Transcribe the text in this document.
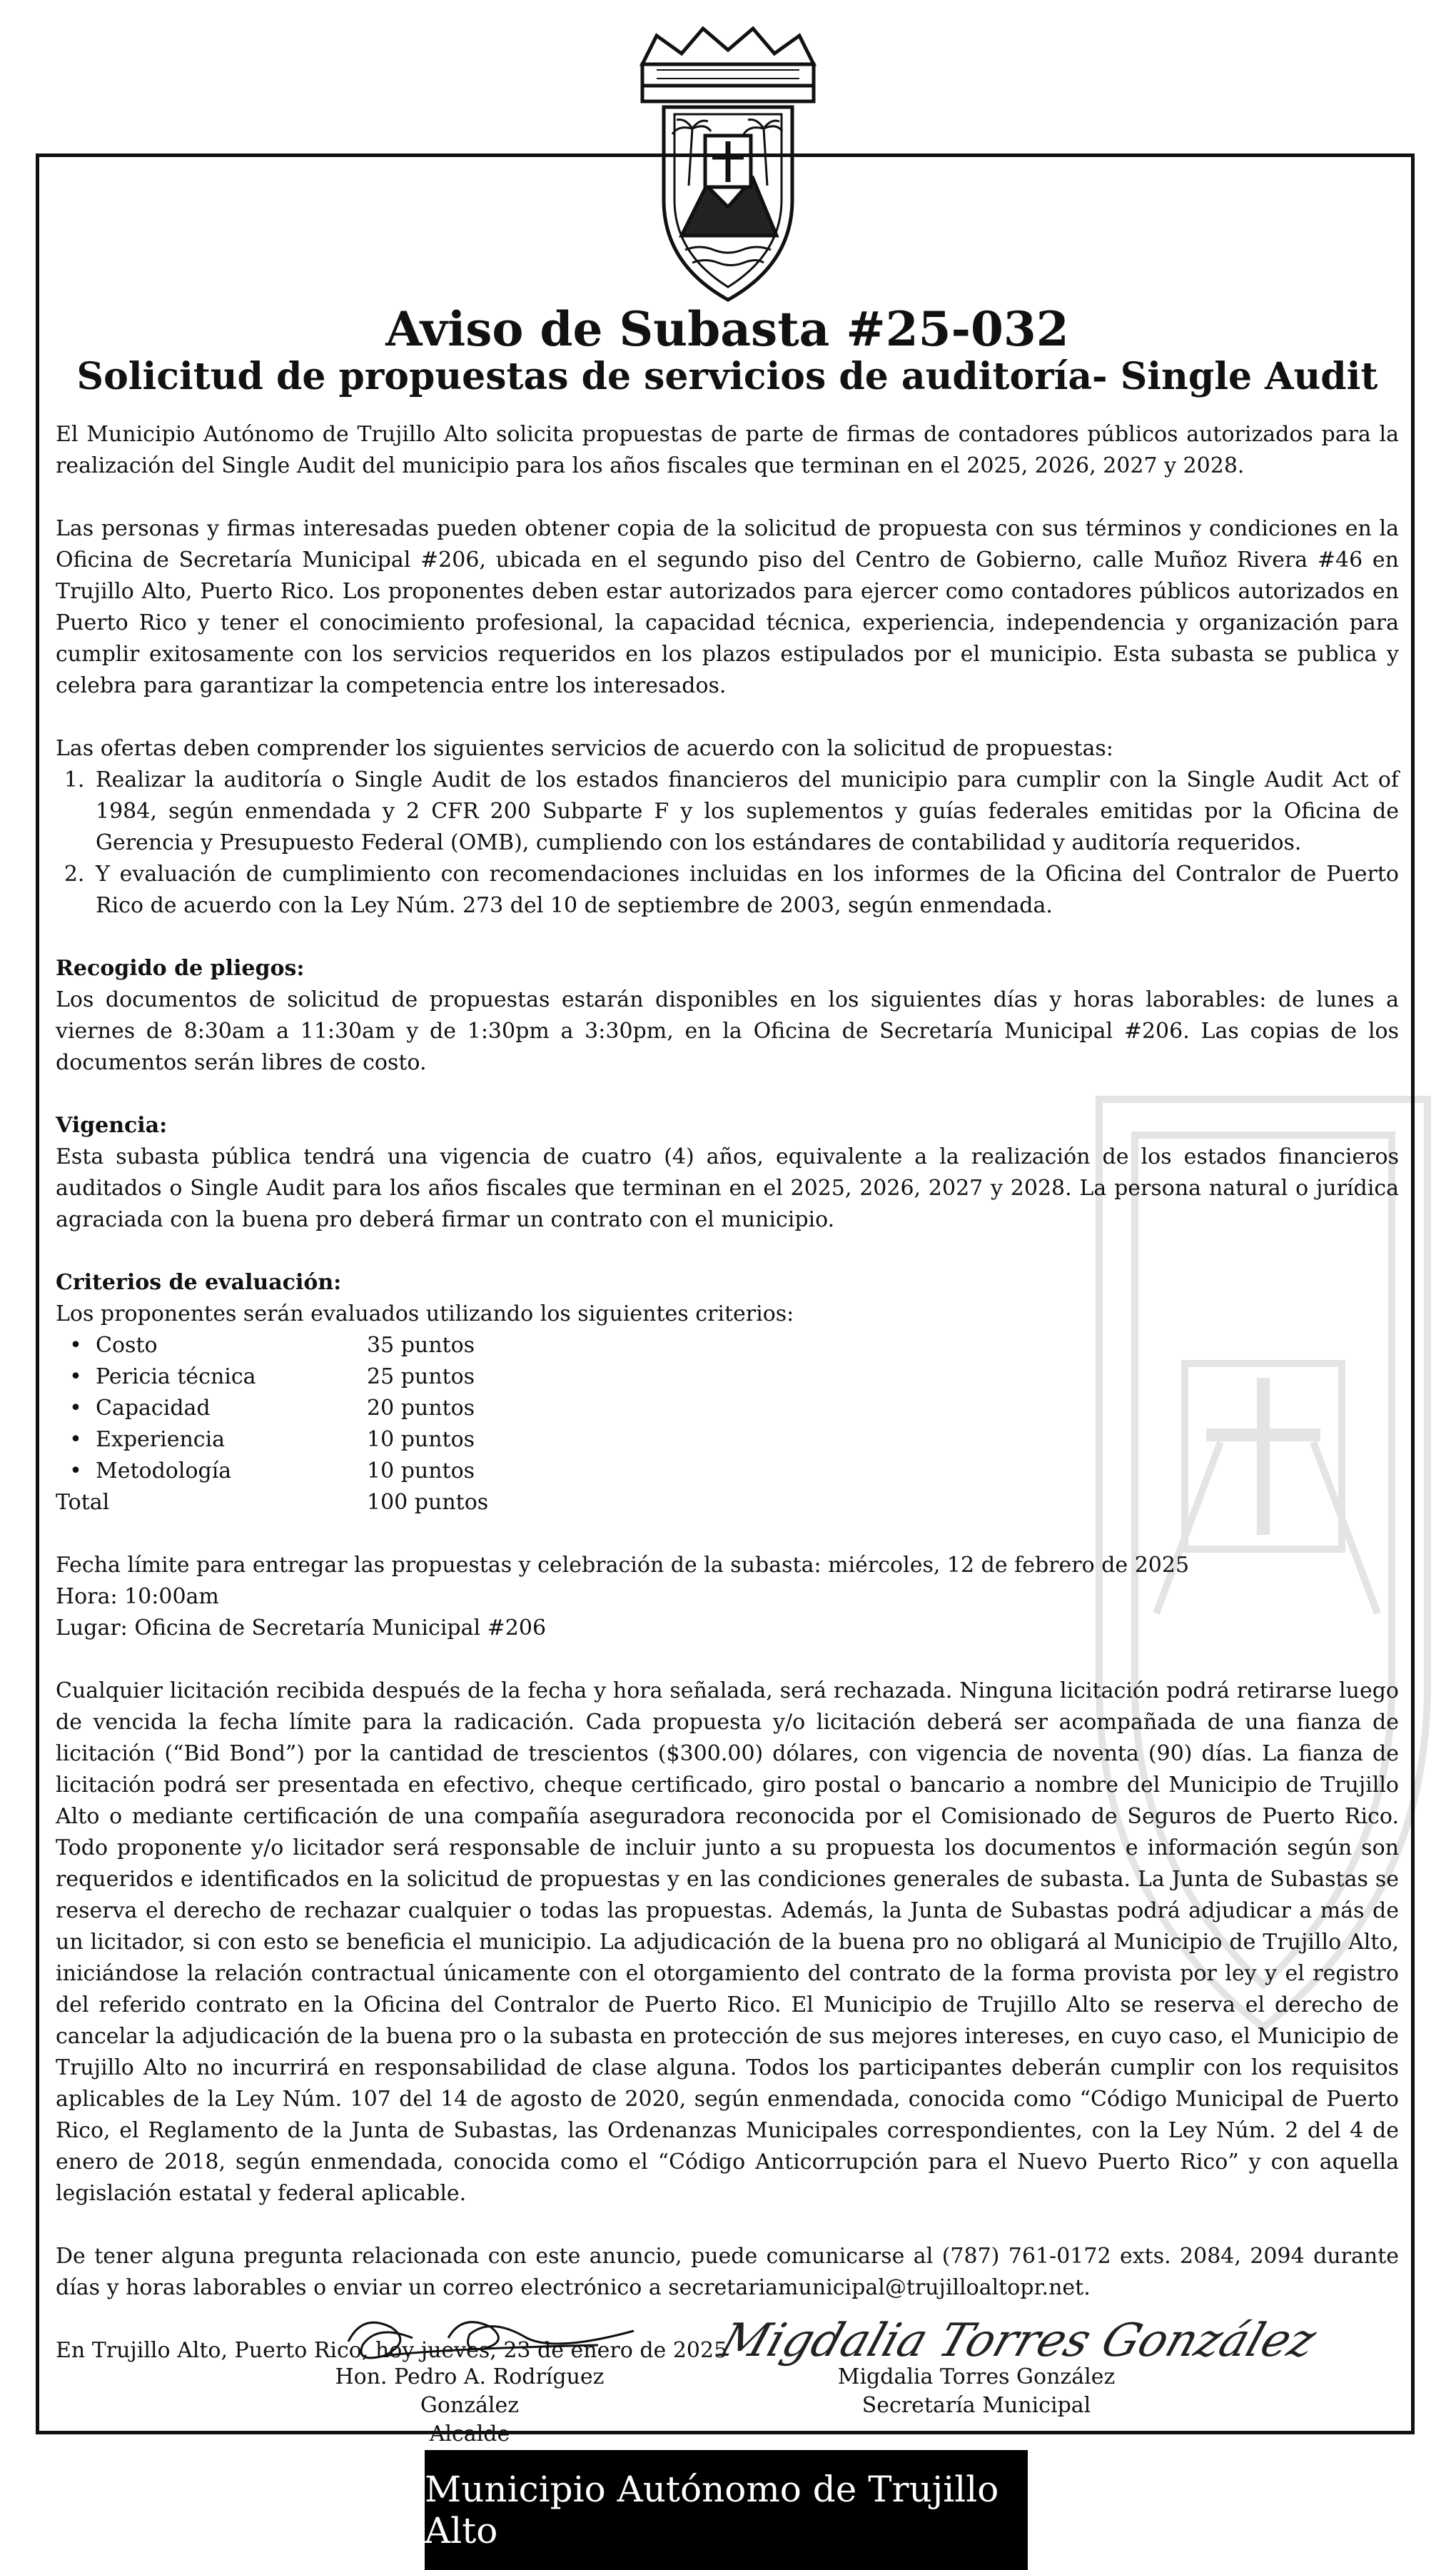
Aviso de Subasta #25-032
Solicitud de propuestas de servicios de auditoría- Single Audit

El Municipio Autónomo de Trujillo Alto solicita propuestas de parte de firmas de contadores públicos autorizados para la realización del Single Audit del municipio para los años fiscales que terminan en el 2025, 2026, 2027 y 2028.

Las personas y firmas interesadas pueden obtener copia de la solicitud de propuesta con sus términos y condiciones en la Oficina de Secretaría Municipal #206, ubicada en el segundo piso del Centro de Gobierno, calle Muñoz Rivera #46 en Trujillo Alto, Puerto Rico. Los proponentes deben estar autorizados para ejercer como contadores públicos autorizados en Puerto Rico y tener el conocimiento profesional, la capacidad técnica, experiencia, independencia y organización para cumplir exitosamente con los servicios requeridos en los plazos estipulados por el municipio. Esta subasta se publica y celebra para garantizar la competencia entre los interesados.

Las ofertas deben comprender los siguientes servicios de acuerdo con la solicitud de propuestas:

1. Realizar la auditoría o Single Audit de los estados financieros del municipio para cumplir con la Single Audit Act of 1984, según enmendada y 2 CFR 200 Subparte F y los suplementos y guías federales emitidas por la Oficina de Gerencia y Presupuesto Federal (OMB), cumpliendo con los estándares de contabilidad y auditoría requeridos.
2. Y evaluación de cumplimiento con recomendaciones incluidas en los informes de la Oficina del Contralor de Puerto Rico de acuerdo con la Ley Núm. 273 del 10 de septiembre de 2003, según enmendada.
Recogido de pliegos:

Los documentos de solicitud de propuestas estarán disponibles en los siguientes días y horas laborables: de lunes a viernes de 8:30am a 11:30am y de 1:30pm a 3:30pm, en la Oficina de Secretaría Municipal #206. Las copias de los documentos serán libres de costo.

Vigencia:

Esta subasta pública tendrá una vigencia de cuatro (4) años, equivalente a la realización de los estados financieros auditados o Single Audit para los años fiscales que terminan en el 2025, 2026, 2027 y 2028. La persona natural o jurídica agraciada con la buena pro deberá firmar un contrato con el municipio.

Criterios de evaluación:
Los proponentes serán evaluados utilizando los siguientes criterios:
• Costo	35 puntos
• Pericia técnica	25 puntos
• Capacidad	20 puntos
• Experiencia	10 puntos
• Metodología	10 puntos
Total	100 puntos
Fecha límite para entregar las propuestas y celebración de la subasta: miércoles, 12 de febrero de 2025
Hora: 10:00am
Lugar: Oficina de Secretaría Municipal #206

Cualquier licitación recibida después de la fecha y hora señalada, será rechazada. Ninguna licitación podrá retirarse luego de vencida la fecha límite para la radicación. Cada propuesta y/o licitación deberá ser acompañada de una fianza de licitación (“Bid Bond”) por la cantidad de trescientos ($300.00) dólares, con vigencia de noventa (90) días. La fianza de licitación podrá ser presentada en efectivo, cheque certificado, giro postal o bancario a nombre del Municipio de Trujillo Alto o mediante certificación de una compañía aseguradora reconocida por el Comisionado de Seguros de Puerto Rico. Todo proponente y/o licitador será responsable de incluir junto a su propuesta los documentos e información según son requeridos e identificados en la solicitud de propuestas y en las condiciones generales de subasta. La Junta de Subastas se reserva el derecho de rechazar cualquier o todas las propuestas. Además, la Junta de Subastas podrá adjudicar a más de un licitador, si con esto se beneficia el municipio. La adjudicación de la buena pro no obligará al Municipio de Trujillo Alto, iniciándose la relación contractual únicamente con el otorgamiento del contrato de la forma provista por ley y el registro del referido contrato en la Oficina del Contralor de Puerto Rico. El Municipio de Trujillo Alto se reserva el derecho de cancelar la adjudicación de la buena pro o la subasta en protección de sus mejores intereses, en cuyo caso, el Municipio de Trujillo Alto no incurrirá en responsabilidad de clase alguna. Todos los participantes deberán cumplir con los requisitos aplicables de la Ley Núm. 107 del 14 de agosto de 2020, según enmendada, conocida como “Código Municipal de Puerto Rico, el Reglamento de la Junta de Subastas, las Ordenanzas Municipales correspondientes, con la Ley Núm. 2 del 4 de enero de 2018, según enmendada, conocida como el “Código Anticorrupción para el Nuevo Puerto Rico” y con aquella legislación estatal y federal aplicable.

De tener alguna pregunta relacionada con este anuncio, puede comunicarse al (787) 761-0172 exts. 2084, 2094 durante días y horas laborables o enviar un correo electrónico a secretariamunicipal@trujilloaltopr.net.

En Trujillo Alto, Puerto Rico, hoy jueves, 23 de enero de 2025
Migdalia Torres González
Hon. Pedro A. Rodríguez González
Alcalde
Migdalia Torres González
Secretaría Municipal
Municipio Autónomo de Trujillo Alto
